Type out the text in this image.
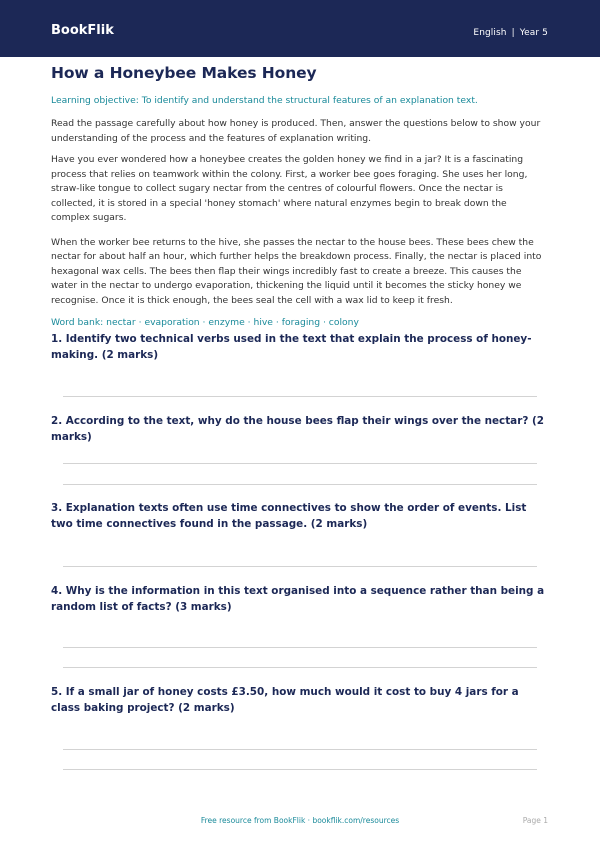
BookFlik	English | Year 5
How a Honeybee Makes Honey

Learning objective: To identify and understand the structural features of an explanation text.

Read the passage carefully about how honey is produced. Then, answer the questions below to show your understanding of the process and the features of explanation writing.

Have you ever wondered how a honeybee creates the golden honey we find in a jar? It is a fascinating process that relies on teamwork within the colony. First, a worker bee goes foraging. She uses her long, straw-like tongue to collect sugary nectar from the centres of colourful flowers. Once the nectar is collected, it is stored in a special 'honey stomach' where natural enzymes begin to break down the complex sugars.

When the worker bee returns to the hive, she passes the nectar to the house bees. These bees chew the nectar for about half an hour, which further helps the breakdown process. Finally, the nectar is placed into hexagonal wax cells. The bees then flap their wings incredibly fast to create a breeze. This causes the water in the nectar to undergo evaporation, thickening the liquid until it becomes the sticky honey we recognise. Once it is thick enough, the bees seal the cell with a wax lid to keep it fresh.

Word bank: nectar · evaporation · enzyme · hive · foraging · colony

1. Identify two technical verbs used in the text that explain the process of honey-making. (2 marks)
2. According to the text, why do the house bees flap their wings over the nectar? (2 marks)
3. Explanation texts often use time connectives to show the order of events. List two time connectives found in the passage. (2 marks)
4. Why is the information in this text organised into a sequence rather than being a random list of facts? (3 marks)
5. If a small jar of honey costs £3.50, how much would it cost to buy 4 jars for a class baking project? (2 marks)
Free resource from BookFlik · bookflik.com/resources	Page 1
